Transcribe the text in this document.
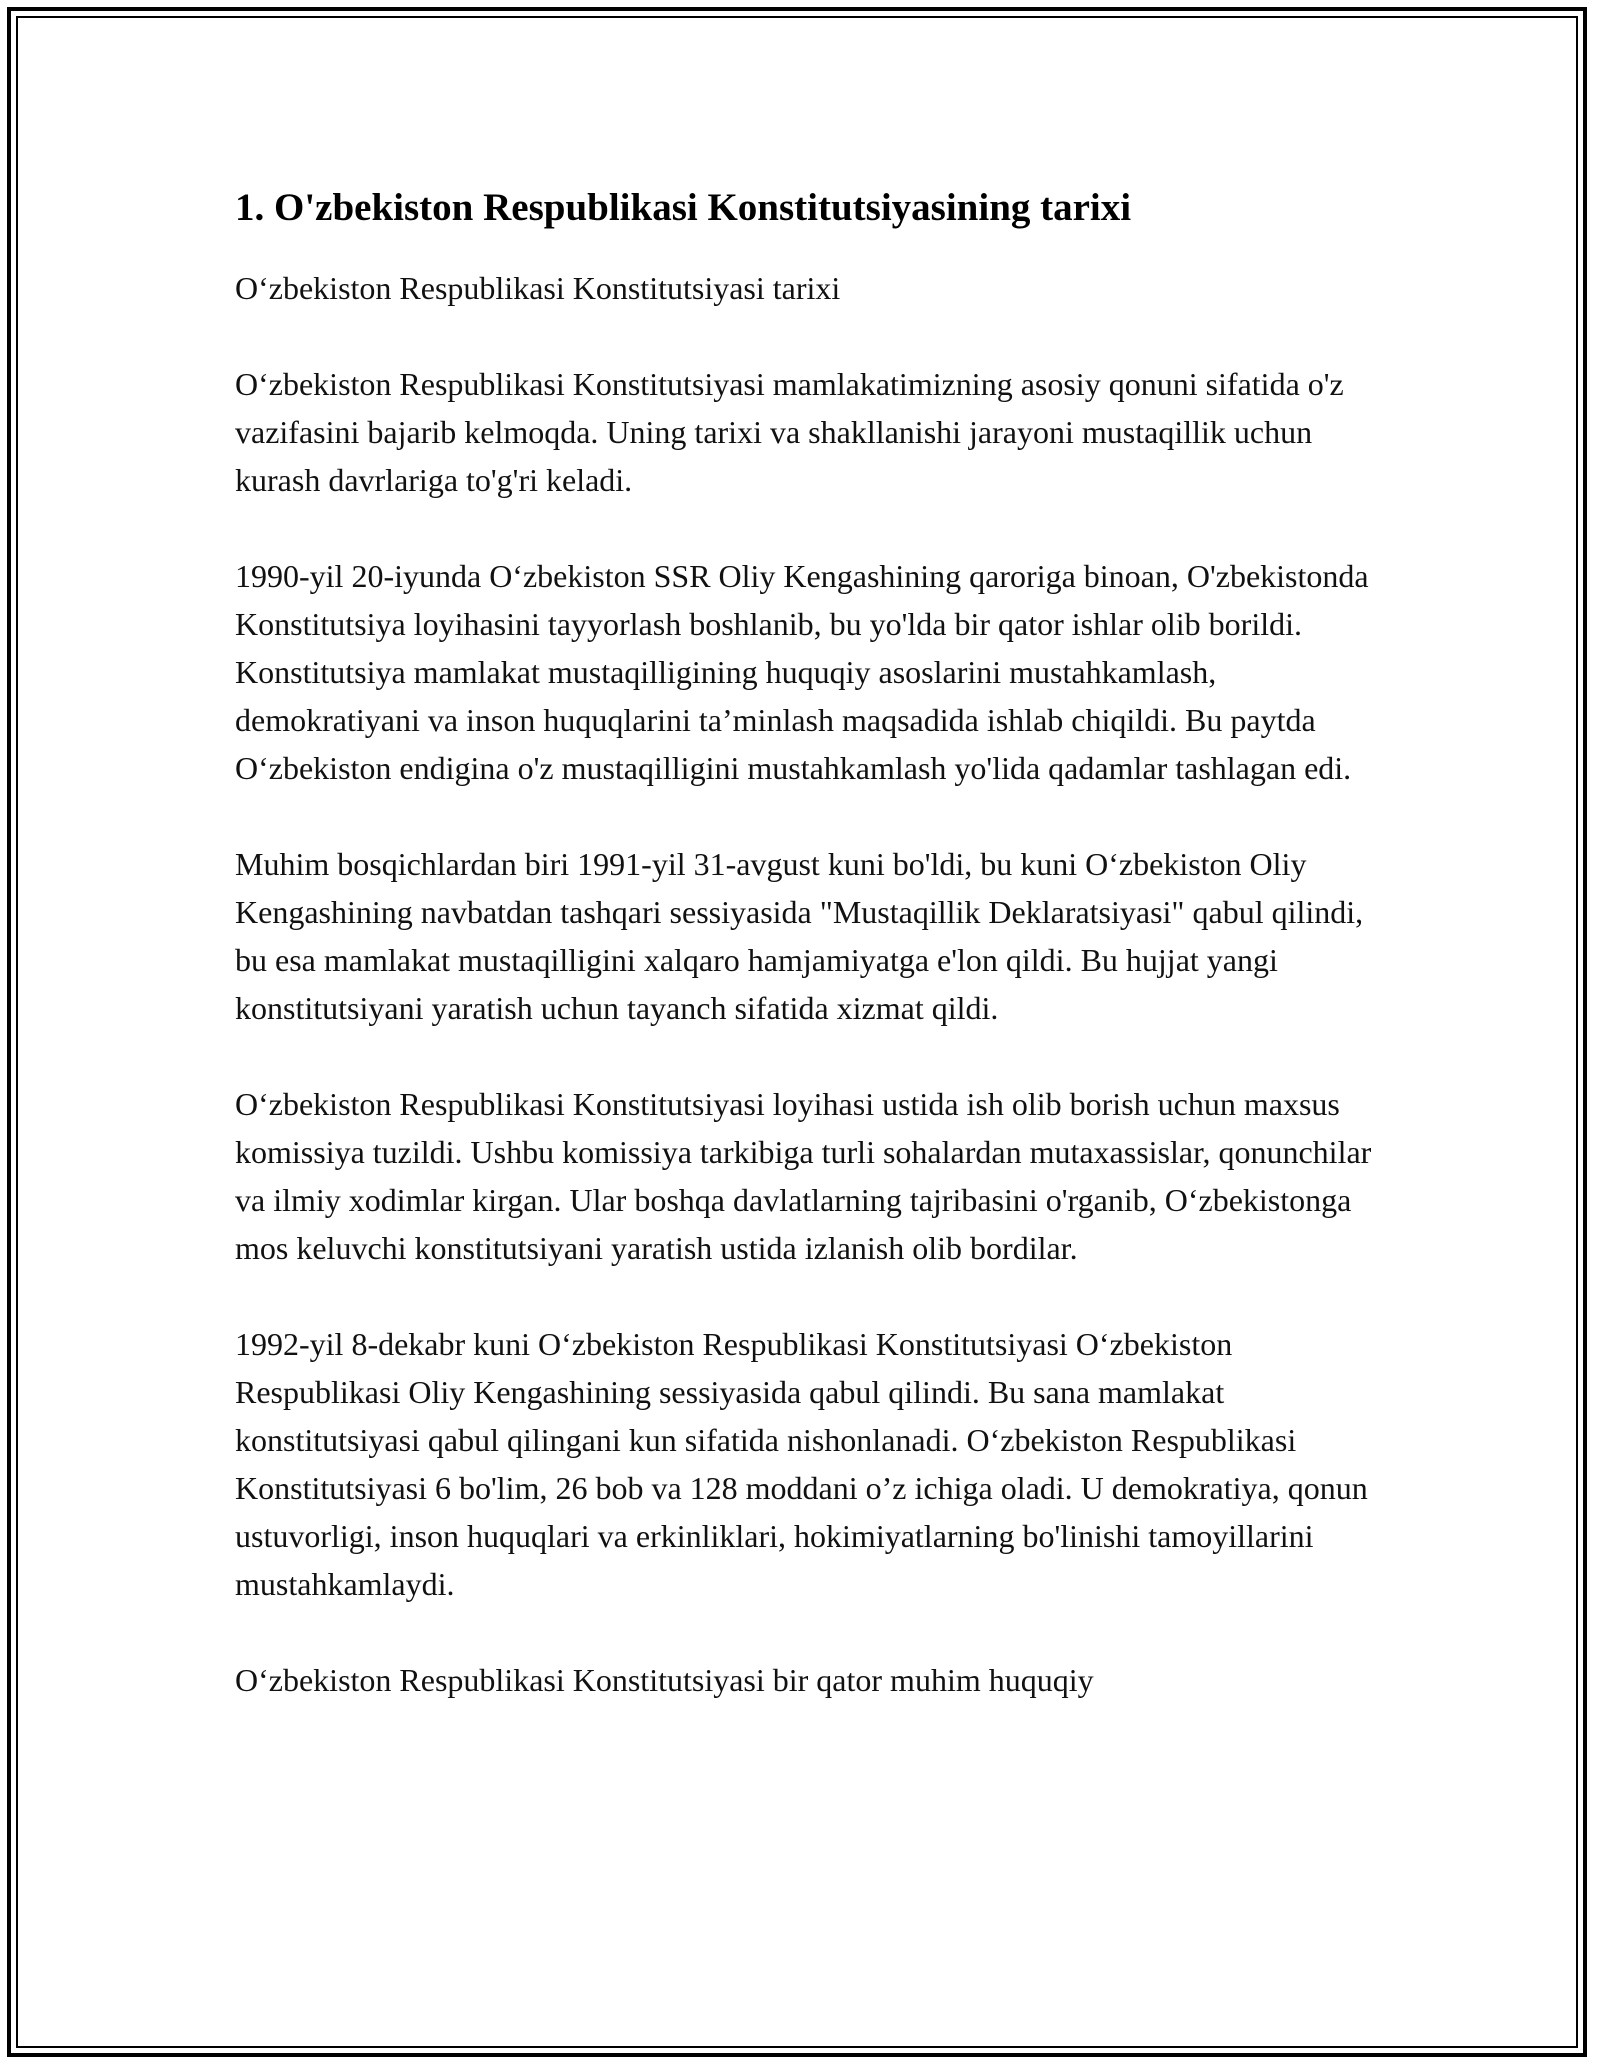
1. O'zbekiston Respublikasi Konstitutsiyasining tarixi

O‘zbekiston Respublikasi Konstitutsiyasi tarixi

O‘zbekiston Respublikasi Konstitutsiyasi mamlakatimizning asosiy qonuni sifatida o'z vazifasini bajarib kelmoqda. Uning tarixi va shakllanishi jarayoni mustaqillik uchun kurash davrlariga to'g'ri keladi.

1990-yil 20-iyunda O‘zbekiston SSR Oliy Kengashining qaroriga binoan, O'zbekistonda Konstitutsiya loyihasini tayyorlash boshlanib, bu yo'lda bir qator ishlar olib borildi. Konstitutsiya mamlakat mustaqilligining huquqiy asoslarini mustahkamlash, demokratiyani va inson huquqlarini ta’minlash maqsadida ishlab chiqildi. Bu paytda O‘zbekiston endigina o'z mustaqilligini mustahkamlash yo'lida qadamlar tashlagan edi.

Muhim bosqichlardan biri 1991-yil 31-avgust kuni bo'ldi, bu kuni O‘zbekiston Oliy Kengashining navbatdan tashqari sessiyasida "Mustaqillik Deklaratsiyasi" qabul qilindi, bu esa mamlakat mustaqilligini xalqaro hamjamiyatga e'lon qildi. Bu hujjat yangi konstitutsiyani yaratish uchun tayanch sifatida xizmat qildi.

O‘zbekiston Respublikasi Konstitutsiyasi loyihasi ustida ish olib borish uchun maxsus komissiya tuzildi. Ushbu komissiya tarkibiga turli sohalardan mutaxassislar, qonunchilar va ilmiy xodimlar kirgan. Ular boshqa davlatlarning tajribasini o'rganib, O‘zbekistonga mos keluvchi konstitutsiyani yaratish ustida izlanish olib bordilar.

1992-yil 8-dekabr kuni O‘zbekiston Respublikasi Konstitutsiyasi O‘zbekiston Respublikasi Oliy Kengashining sessiyasida qabul qilindi. Bu sana mamlakat konstitutsiyasi qabul qilingani kun sifatida nishonlanadi. O‘zbekiston Respublikasi Konstitutsiyasi 6 bo'lim, 26 bob va 128 moddani o’z ichiga oladi. U demokratiya, qonun ustuvorligi, inson huquqlari va erkinliklari, hokimiyatlarning bo'linishi tamoyillarini mustahkamlaydi.

O‘zbekiston Respublikasi Konstitutsiyasi bir qator muhim huquqiy
